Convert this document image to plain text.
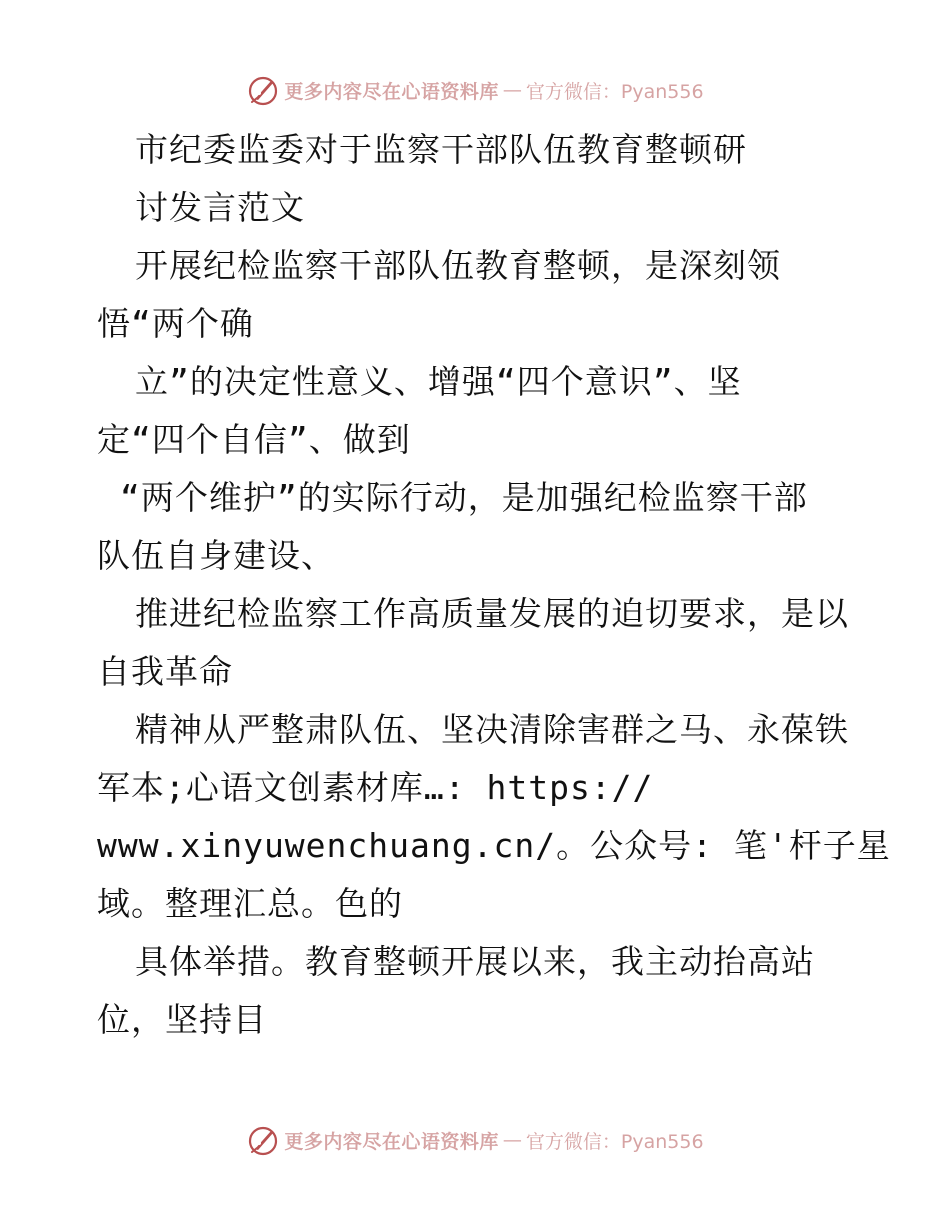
更多内容尽在心语资料库 — 官方微信：Pyan556
市纪委监委对于监察干部队伍教育整顿研
讨发言范文
开展纪检监察干部队伍教育整顿，是深刻领
悟“两个确
立”的决定性意义、增强“四个意识”、坚
定“四个自信”、做到
“两个维护”的实际行动，是加强纪检监察干部
队伍自身建设、
推进纪检监察工作高质量发展的迫切要求，是以
自我革命
精神从严整肃队伍、坚决清除害群之马、永葆铁
军本;心语文创素材库…: https://
www.xinyuwenchuang.cn/。公众号: 笔'杆子星
域。整理汇总。色的
具体举措。教育整顿开展以来，我主动抬高站
位，坚持目
更多内容尽在心语资料库 — 官方微信：Pyan556
